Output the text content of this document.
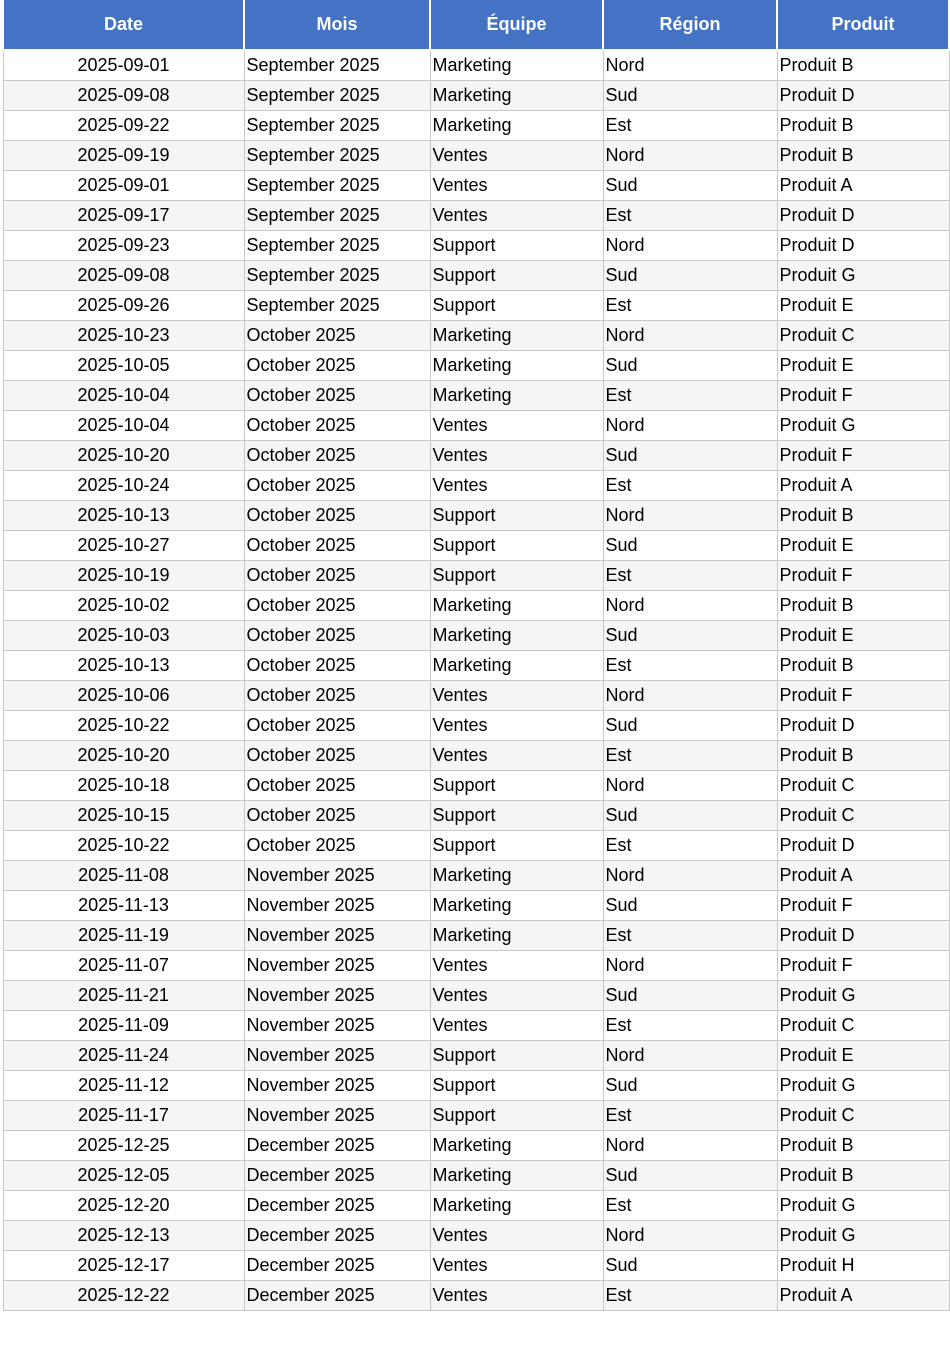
Date	Mois	Équipe	Région	Produit
2025-09-01	September 2025	Marketing	Nord	Produit B
2025-09-08	September 2025	Marketing	Sud	Produit D
2025-09-22	September 2025	Marketing	Est	Produit B
2025-09-19	September 2025	Ventes	Nord	Produit B
2025-09-01	September 2025	Ventes	Sud	Produit A
2025-09-17	September 2025	Ventes	Est	Produit D
2025-09-23	September 2025	Support	Nord	Produit D
2025-09-08	September 2025	Support	Sud	Produit G
2025-09-26	September 2025	Support	Est	Produit E
2025-10-23	October 2025	Marketing	Nord	Produit C
2025-10-05	October 2025	Marketing	Sud	Produit E
2025-10-04	October 2025	Marketing	Est	Produit F
2025-10-04	October 2025	Ventes	Nord	Produit G
2025-10-20	October 2025	Ventes	Sud	Produit F
2025-10-24	October 2025	Ventes	Est	Produit A
2025-10-13	October 2025	Support	Nord	Produit B
2025-10-27	October 2025	Support	Sud	Produit E
2025-10-19	October 2025	Support	Est	Produit F
2025-10-02	October 2025	Marketing	Nord	Produit B
2025-10-03	October 2025	Marketing	Sud	Produit E
2025-10-13	October 2025	Marketing	Est	Produit B
2025-10-06	October 2025	Ventes	Nord	Produit F
2025-10-22	October 2025	Ventes	Sud	Produit D
2025-10-20	October 2025	Ventes	Est	Produit B
2025-10-18	October 2025	Support	Nord	Produit C
2025-10-15	October 2025	Support	Sud	Produit C
2025-10-22	October 2025	Support	Est	Produit D
2025-11-08	November 2025	Marketing	Nord	Produit A
2025-11-13	November 2025	Marketing	Sud	Produit F
2025-11-19	November 2025	Marketing	Est	Produit D
2025-11-07	November 2025	Ventes	Nord	Produit F
2025-11-21	November 2025	Ventes	Sud	Produit G
2025-11-09	November 2025	Ventes	Est	Produit C
2025-11-24	November 2025	Support	Nord	Produit E
2025-11-12	November 2025	Support	Sud	Produit G
2025-11-17	November 2025	Support	Est	Produit C
2025-12-25	December 2025	Marketing	Nord	Produit B
2025-12-05	December 2025	Marketing	Sud	Produit B
2025-12-20	December 2025	Marketing	Est	Produit G
2025-12-13	December 2025	Ventes	Nord	Produit G
2025-12-17	December 2025	Ventes	Sud	Produit H
2025-12-22	December 2025	Ventes	Est	Produit A
